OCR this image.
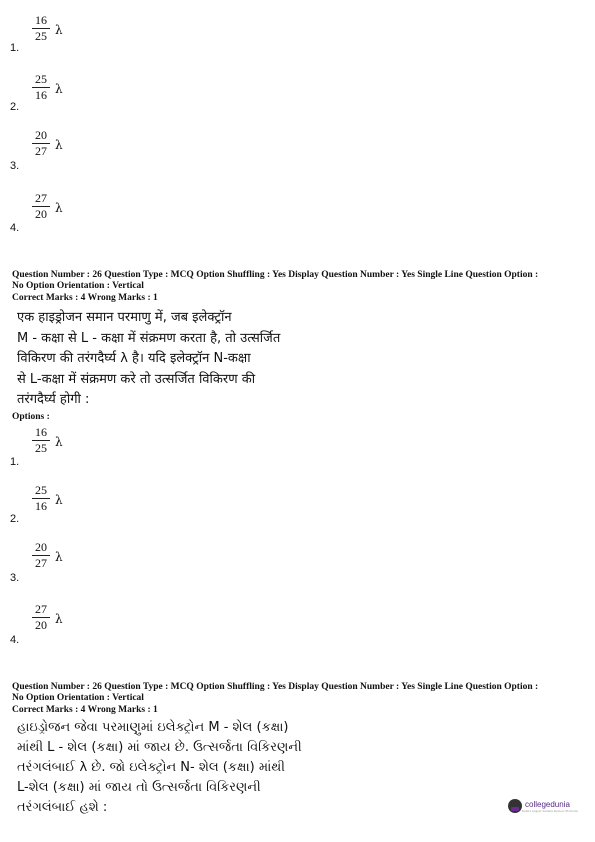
16
25 λ
1.
25
16 λ
2.
20
27 λ
3.
27
20 λ
4.
Question Number : 26 Question Type : MCQ Option Shuffling : Yes Display Question Number : Yes Single Line Question Option :
No Option Orientation : Vertical
Correct Marks : 4 Wrong Marks : 1
एक हाइड्रोजन समान परमाणु में, जब इलेक्ट्रॉन
M - कक्षा से L - कक्षा में संक्रमण करता है, तो उत्सर्जित
विकिरण की तरंगदैर्घ्य λ है। यदि इलेक्ट्रॉन N-कक्षा
से L-कक्षा में संक्रमण करे तो उत्सर्जित विकिरण की
तरंगदैर्घ्य होगी :
Options :
16
25 λ
1.
25
16 λ
2.
20
27 λ
3.
27
20 λ
4.
Question Number : 26 Question Type : MCQ Option Shuffling : Yes Display Question Number : Yes Single Line Question Option :
No Option Orientation : Vertical
Correct Marks : 4 Wrong Marks : 1
હાઇડ્રોજન જેવા પરમાણુમાં ઇલેક્ટ્રોન M - શેલ (કક્ષા)
માંથી L - શેલ (કક્ષા) માં જાય છે. ઉત્સર્જતા વિકિરણની
તરંગલંબાઈ λ છે. જો ઇલેક્ટ્રોન N- શેલ (કક્ષા) માંથી
L-શેલ (કક્ષા) માં જાય તો ઉત્સર્જતા વિકિરણની
તરંગલંબાઈ હશે :	collegedunia
India's largest Student Review Platform
